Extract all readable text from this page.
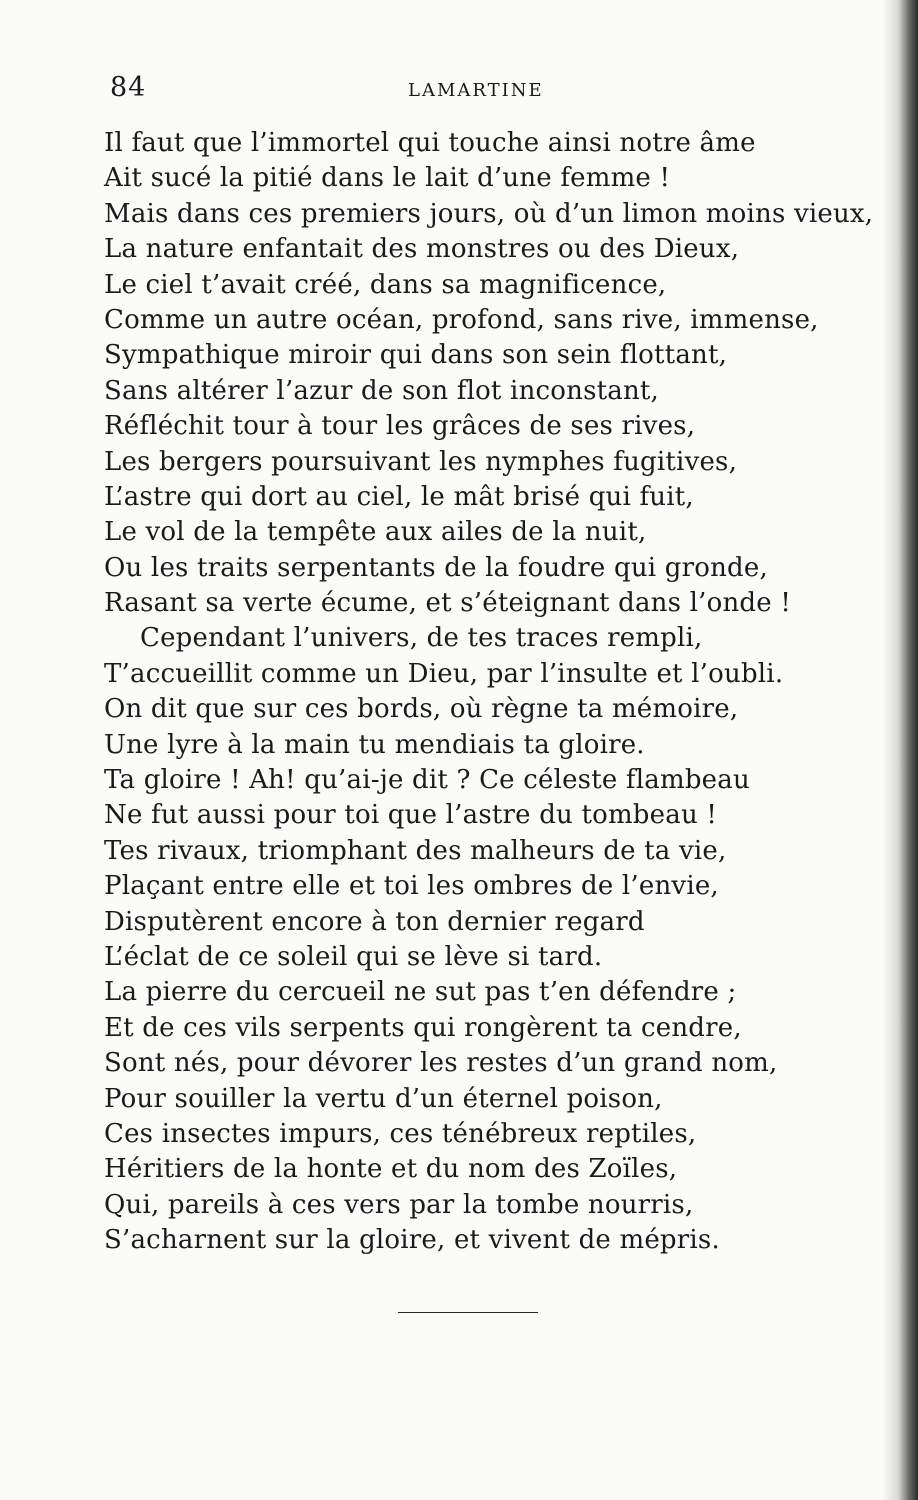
84	LAMARTINE
Il faut que l’immortel qui touche ainsi notre âme
Ait sucé la pitié dans le lait d’une femme !
Mais dans ces premiers jours, où d’un limon moins vieux,
La nature enfantait des monstres ou des Dieux,
Le ciel t’avait créé, dans sa magnificence,
Comme un autre océan, profond, sans rive, immense,
Sympathique miroir qui dans son sein flottant,
Sans altérer l’azur de son flot inconstant,
Réfléchit tour à tour les grâces de ses rives,
Les bergers poursuivant les nymphes fugitives,
L’astre qui dort au ciel, le mât brisé qui fuit,
Le vol de la tempête aux ailes de la nuit,
Ou les traits serpentants de la foudre qui gronde,
Rasant sa verte écume, et s’éteignant dans l’onde !
Cependant l’univers, de tes traces rempli,
T’accueillit comme un Dieu, par l’insulte et l’oubli.
On dit que sur ces bords, où règne ta mémoire,
Une lyre à la main tu mendiais ta gloire.
Ta gloire ! Ah! qu’ai-je dit ? Ce céleste flambeau
Ne fut aussi pour toi que l’astre du tombeau !
Tes rivaux, triomphant des malheurs de ta vie,
Plaçant entre elle et toi les ombres de l’envie,
Disputèrent encore à ton dernier regard
L’éclat de ce soleil qui se lève si tard.
La pierre du cercueil ne sut pas t’en défendre ;
Et de ces vils serpents qui rongèrent ta cendre,
Sont nés, pour dévorer les restes d’un grand nom,
Pour souiller la vertu d’un éternel poison,
Ces insectes impurs, ces ténébreux reptiles,
Héritiers de la honte et du nom des Zoïles,
Qui, pareils à ces vers par la tombe nourris,
S’acharnent sur la gloire, et vivent de mépris.
